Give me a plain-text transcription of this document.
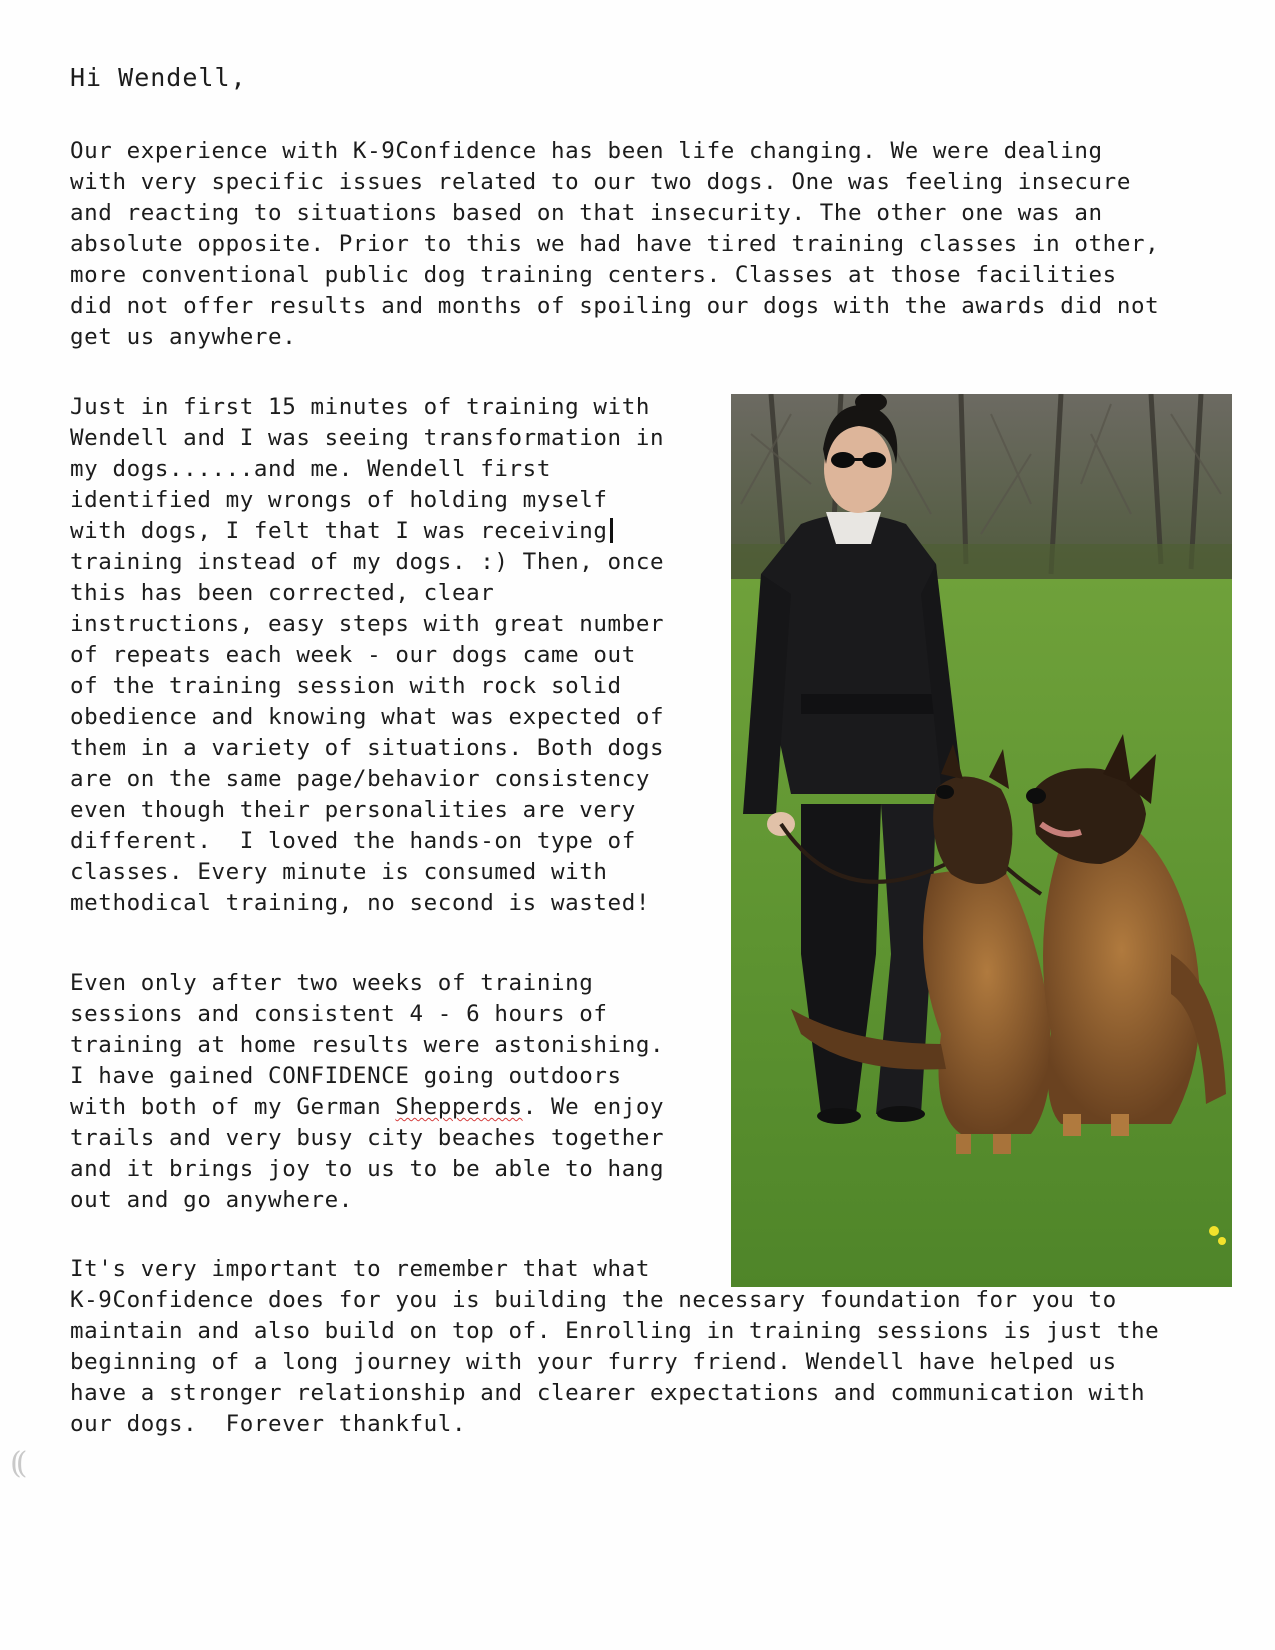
Hi Wendell,
Our experience with K-9Confidence has been life changing. We were dealing
with very specific issues related to our two dogs. One was feeling insecure
and reacting to situations based on that insecurity. The other one was an
absolute opposite. Prior to this we had have tired training classes in other,
more conventional public dog training centers. Classes at those facilities
did not offer results and months of spoiling our dogs with the awards did not
get us anywhere.
Just in first 15 minutes of training with
Wendell and I was seeing transformation in
my dogs......and me. Wendell first
identified my wrongs of holding myself
with dogs, I felt that I was receiving
training instead of my dogs. :) Then, once
this has been corrected, clear
instructions, easy steps with great number
of repeats each week - our dogs came out
of the training session with rock solid
obedience and knowing what was expected of
them in a variety of situations. Both dogs
are on the same page/behavior consistency
even though their personalities are very
different.  I loved the hands-on type of
classes. Every minute is consumed with
methodical training, no second is wasted!
Even only after two weeks of training
sessions and consistent 4 - 6 hours of
training at home results were astonishing.
I have gained CONFIDENCE going outdoors
with both of my German Shepperds. We enjoy
trails and very busy city beaches together
and it brings joy to us to be able to hang
out and go anywhere.
It's very important to remember that what
K-9Confidence does for you is building the necessary foundation for you to
maintain and also build on top of. Enrolling in training sessions is just the
beginning of a long journey with your furry friend. Wendell have helped us
have a stronger relationship and clearer expectations and communication with
our dogs.  Forever thankful.
((
